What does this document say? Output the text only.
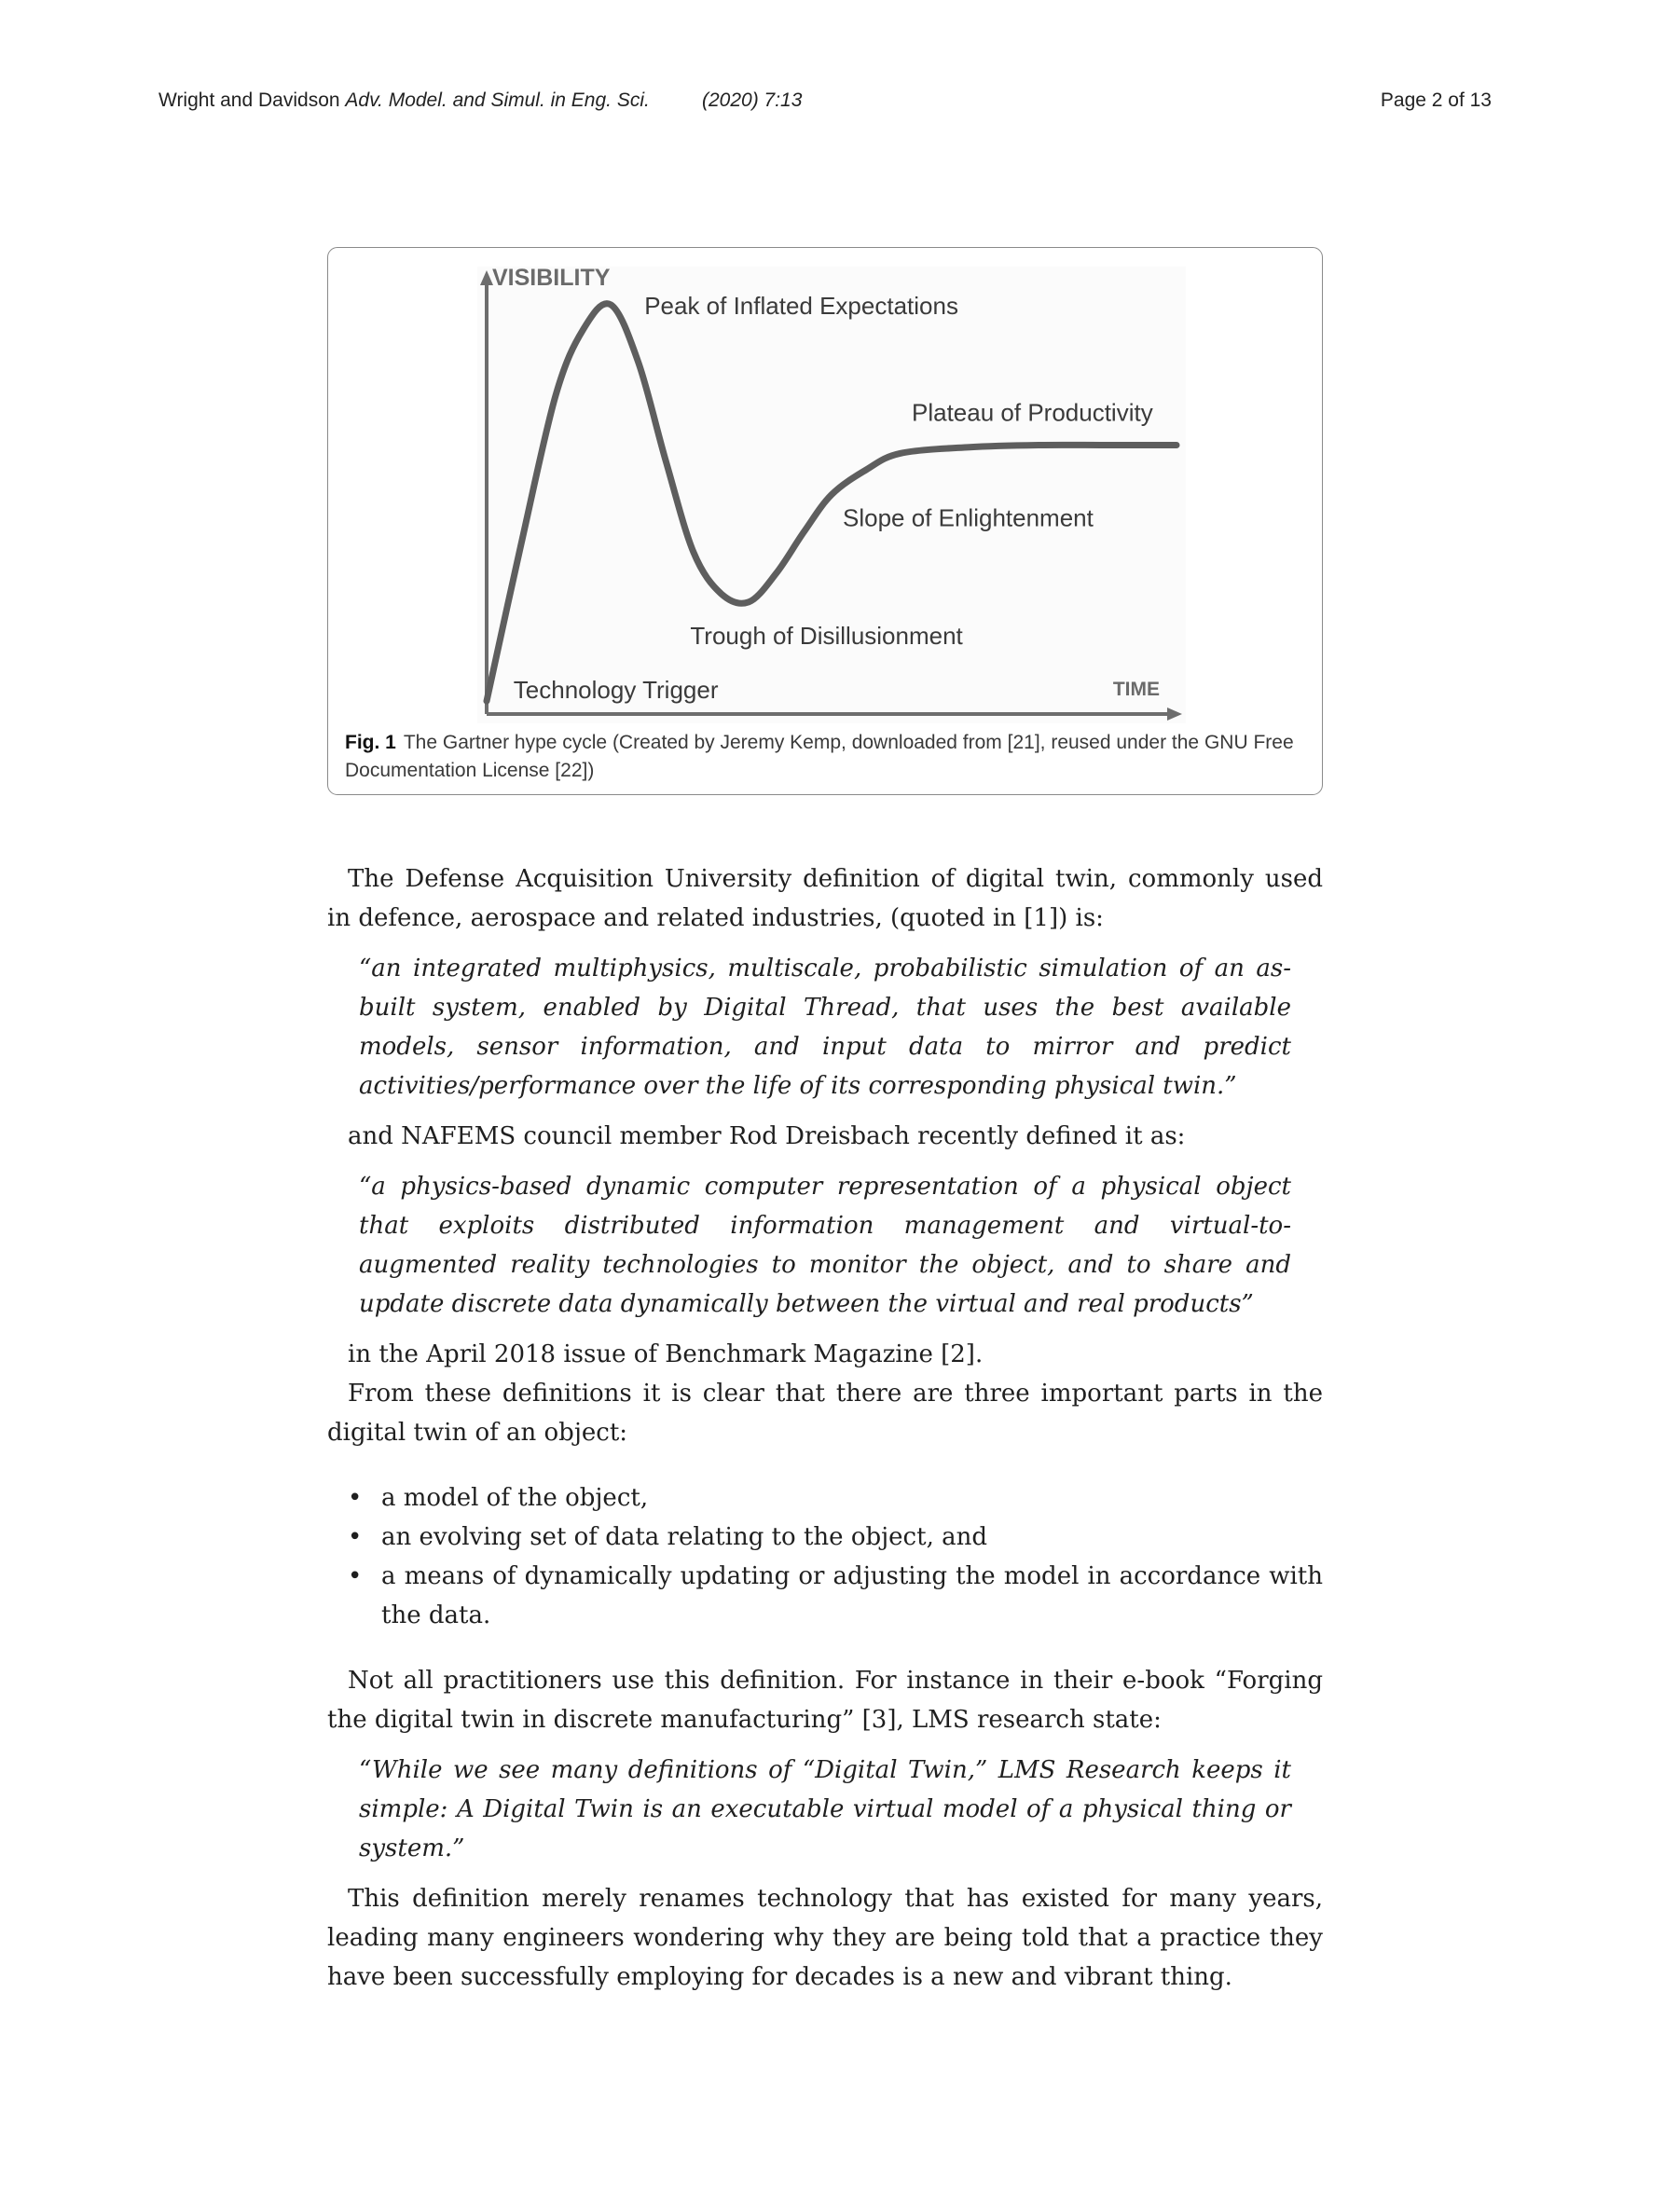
Wright and Davidson Adv. Model. and Simul. in Eng. Sci.	(2020) 7:13	Page 2 of 13
VISIBILITY
TIME
Technology Trigger
Peak of Inflated Expectations
Trough of Disillusionment
Slope of Enlightenment
Plateau of Productivity
Fig. 1 The Gartner hype cycle (Created by Jeremy Kemp, downloaded from [21], reused under the GNU Free Documentation License [22])

The Defense Acquisition University definition of digital twin, commonly used in defence, aerospace and related industries, (quoted in [1]) is:

“an integrated multiphysics, multiscale, probabilistic simulation of an as-built system, enabled by Digital Thread, that uses the best available models, sensor information, and input data to mirror and predict activities/performance over the life of its corresponding physical twin.”

and NAFEMS council member Rod Dreisbach recently defined it as:

“a physics-based dynamic computer representation of a physical object that exploits distributed information management and virtual-to-augmented reality technologies to monitor the object, and to share and update discrete data dynamically between the virtual and real products”

in the April 2018 issue of Benchmark Magazine [2].

From these definitions it is clear that there are three important parts in the digital twin of an object:

• a model of the object,
• an evolving set of data relating to the object, and
• a means of dynamically updating or adjusting the model in accordance with the data.

Not all practitioners use this definition. For instance in their e-book “Forging the digital twin in discrete manufacturing” [3], LMS research state:

“While we see many definitions of “Digital Twin,” LMS Research keeps it simple: A Digital Twin is an executable virtual model of a physical thing or system.”

This definition merely renames technology that has existed for many years, leading many engineers wondering why they are being told that a practice they have been successfully employing for decades is a new and vibrant thing.
